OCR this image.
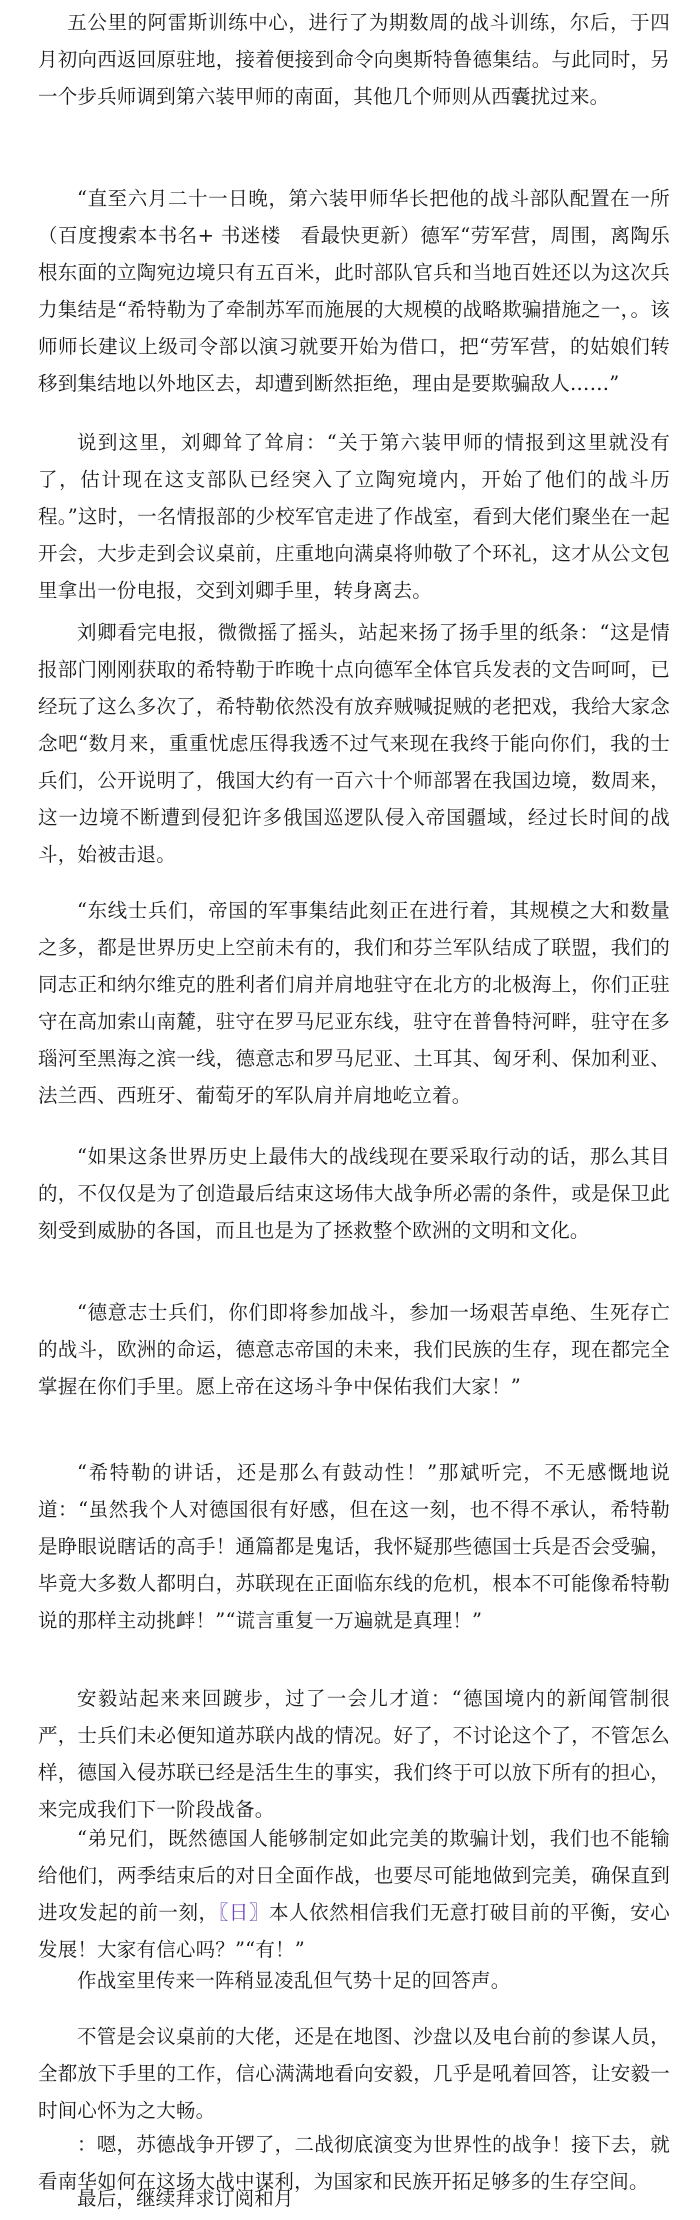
五公里的阿雷斯训练中心，进行了为期数周的战斗训练，尔后，于四月初向西返回原驻地，接着便接到命令向奥斯特鲁德集结。与此同时，另一个步兵师调到第六装甲师的南面，其他几个师则从西囊扰过来。

“直至六月二十一日晚，第六装甲师华长把他的战斗部队配置在一所（百度搜索本书名+ 书迷楼　看最快更新）德军“劳军营，周围，离陶乐根东面的立陶宛边境只有五百米，此时部队官兵和当地百姓还以为这次兵力集结是“希特勒为了牵制苏军而施展的大规模的战略欺骗措施之一，。该师师长建议上级司令部以演习就要开始为借口，把“劳军营，的姑娘们转移到集结地以外地区去，却遭到断然拒绝，理由是要欺骗敌人……”

说到这里，刘卿耸了耸肩：“关于第六装甲师的情报到这里就没有了，估计现在这支部队已经突入了立陶宛境内，开始了他们的战斗历程。”这时，一名情报部的少校军官走进了作战室，看到大佬们聚坐在一起开会，大步走到会议桌前，庄重地向满桌将帅敬了个环礼，这才从公文包里拿出一份电报，交到刘卿手里，转身离去。

刘卿看完电报，微微摇了摇头，站起来扬了扬手里的纸条：“这是情报部门刚刚获取的希特勒于昨晚十点向德军全体官兵发表的文告呵呵，已经玩了这么多次了，希特勒依然没有放弃贼喊捉贼的老把戏，我给大家念念吧“数月来，重重忧虑压得我透不过气来现在我终于能向你们，我的士兵们，公开说明了，俄国大约有一百六十个师部署在我国边境，数周来，这一边境不断遭到侵犯许多俄国巡逻队侵入帝国疆域，经过长时间的战斗，始被击退。

“东线士兵们，帝国的军事集结此刻正在进行着，其规模之大和数量之多，都是世界历史上空前未有的，我们和芬兰军队结成了联盟，我们的同志正和纳尔维克的胜利者们肩并肩地驻守在北方的北极海上，你们正驻守在高加索山南麓，驻守在罗马尼亚东线，驻守在普鲁特河畔，驻守在多瑙河至黑海之滨一线，德意志和罗马尼亚、土耳其、匈牙利、保加利亚、法兰西、西班牙、葡萄牙的军队肩并肩地屹立着。

“如果这条世界历史上最伟大的战线现在要采取行动的话，那么其目的，不仅仅是为了创造最后结束这场伟大战争所必需的条件，或是保卫此刻受到威胁的各国，而且也是为了拯救整个欧洲的文明和文化。

“德意志士兵们，你们即将参加战斗，参加一场艰苦卓绝、生死存亡的战斗，欧洲的命运，德意志帝国的未来，我们民族的生存，现在都完全掌握在你们手里。愿上帝在这场斗争中保佑我们大家！”

“希特勒的讲话，还是那么有鼓动性！”那斌听完，不无感慨地说道：“虽然我个人对德国很有好感，但在这一刻，也不得不承认，希特勒是睁眼说瞎话的高手！通篇都是鬼话，我怀疑那些德国士兵是否会受骗，毕竟大多数人都明白，苏联现在正面临东线的危机，根本不可能像希特勒说的那样主动挑衅！”“谎言重复一万遍就是真理！”

安毅站起来来回踱步，过了一会儿才道：“德国境内的新闻管制很严，士兵们未必便知道苏联内战的情况。好了，不讨论这个了，不管怎么样，德国入侵苏联已经是活生生的事实，我们终于可以放下所有的担心，来完成我们下一阶段战备。

“弟兄们，既然德国人能够制定如此完美的欺骗计划，我们也不能输给他们，两季结束后的对日全面作战，也要尽可能地做到完美，确保直到进攻发起的前一刻，〖日〗本人依然相信我们无意打破目前的平衡，安心发展！大家有信心吗？”“有！”

作战室里传来一阵稍显凌乱但气势十足的回答声。

不管是会议桌前的大佬，还是在地图、沙盘以及电台前的参谋人员，全都放下手里的工作，信心满满地看向安毅，几乎是吼着回答，让安毅一时间心怀为之大畅。

：嗯，苏德战争开锣了，二战彻底演变为世界性的战争！接下去，就看南华如何在这场大战中谋利，为国家和民族开拓足够多的生存空间。

最后，继续拜求订阅和月
